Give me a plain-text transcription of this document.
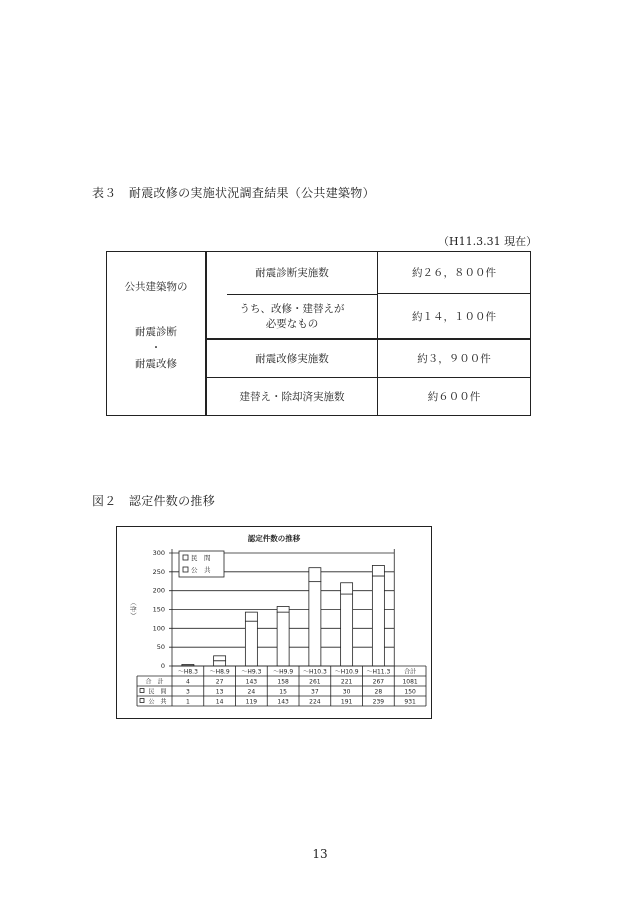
表３　耐震改修の実施状況調査結果（公共建築物）
（H11.3.31 現在）
公共建築物の
耐震診断
・
耐震改修	耐震診断実施数	約２６，８００件

	うち、改修・建替えが
必要なもの	約１４，１００件
	耐震改修実施数	約３，９００件
	建替え・除却済実施数	約６００件
図２　認定件数の推移
認定件数の推移
（件）
300
250
200
150
100
50
0
民　間
公　共
～H8.3 ～H8.9 ～H9.3 ～H9.9 ～H10.3 ～H10.9 ～H11.3 合計
合　計	4	27	143	158	261	221	267	1081
民　間	3	13	24	15	37	30	28	150
公　共	1	14	119	143	224	191	239	931
13
